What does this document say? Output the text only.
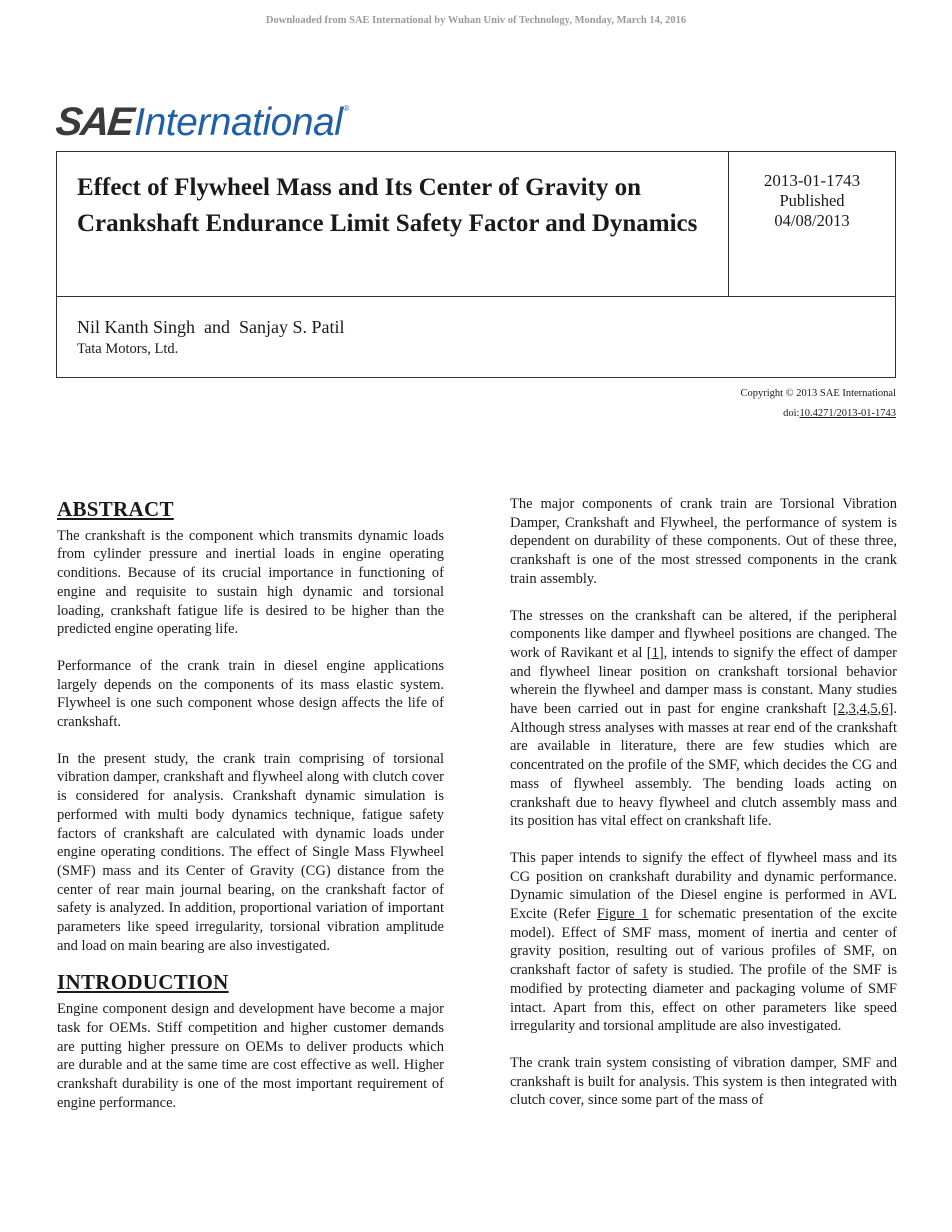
Downloaded from SAE International by Wuhan Univ of Technology, Monday, March 14, 2016
SAE International ®
Effect of Flywheel Mass and Its Center of Gravity on Crankshaft Endurance Limit Safety Factor and Dynamics
2013-01-1743
Published
04/08/2013
Nil Kanth Singh  and  Sanjay S. Patil
Tata Motors, Ltd.
Copyright © 2013 SAE International
doi:10.4271/2013-01-1743
ABSTRACT

The crankshaft is the component which transmits dynamic loads from cylinder pressure and inertial loads in engine operating conditions. Because of its crucial importance in functioning of engine and requisite to sustain high dynamic and torsional loading, crankshaft fatigue life is desired to be higher than the predicted engine operating life.

Performance of the crank train in diesel engine applications largely depends on the components of its mass elastic system. Flywheel is one such component whose design affects the life of crankshaft.

In the present study, the crank train comprising of torsional vibration damper, crankshaft and flywheel along with clutch cover is considered for analysis. Crankshaft dynamic simulation is performed with multi body dynamics technique, fatigue safety factors of crankshaft are calculated with dynamic loads under engine operating conditions. The effect of Single Mass Flywheel (SMF) mass and its Center of Gravity (CG) distance from the center of rear main journal bearing, on the crankshaft factor of safety is analyzed. In addition, proportional variation of important parameters like speed irregularity, torsional vibration amplitude and load on main bearing are also investigated.

INTRODUCTION

Engine component design and development have become a major task for OEMs. Stiff competition and higher customer demands are putting higher pressure on OEMs to deliver products which are durable and at the same time are cost effective as well. Higher crankshaft durability is one of the most important requirement of engine performance.

The major components of crank train are Torsional Vibration Damper, Crankshaft and Flywheel, the performance of system is dependent on durability of these components. Out of these three, crankshaft is one of the most stressed components in the crank train assembly.

The stresses on the crankshaft can be altered, if the peripheral components like damper and flywheel positions are changed. The work of Ravikant et al [1], intends to signify the effect of damper and flywheel linear position on crankshaft torsional behavior wherein the flywheel and damper mass is constant. Many studies have been carried out in past for engine crankshaft [2,3,4,5,6]. Although stress analyses with masses at rear end of the crankshaft are available in literature, there are few studies which are concentrated on the profile of the SMF, which decides the CG and mass of flywheel assembly. The bending loads acting on crankshaft due to heavy flywheel and clutch assembly mass and its position has vital effect on crankshaft life.

This paper intends to signify the effect of flywheel mass and its CG position on crankshaft durability and dynamic performance. Dynamic simulation of the Diesel engine is performed in AVL Excite (Refer Figure 1 for schematic presentation of the excite model). Effect of SMF mass, moment of inertia and center of gravity position, resulting out of various profiles of SMF, on crankshaft factor of safety is studied. The profile of the SMF is modified by protecting diameter and packaging volume of SMF intact. Apart from this, effect on other parameters like speed irregularity and torsional amplitude are also investigated.

The crank train system consisting of vibration damper, SMF and crankshaft is built for analysis. This system is then integrated with clutch cover, since some part of the mass of
